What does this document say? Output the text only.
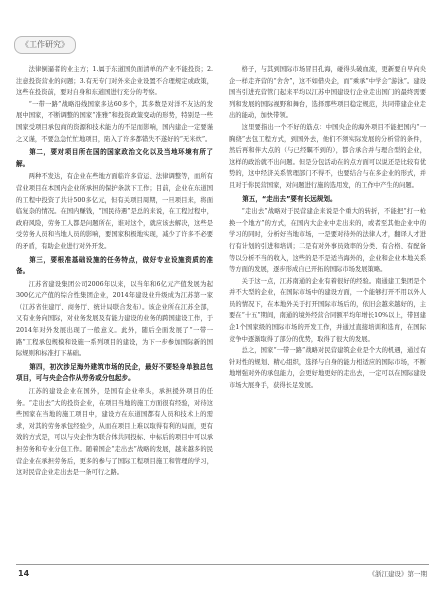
《工作研究》

法律倒逼者的业主方；1.属于东道国负面清单的产业不能投资；2.注意投资营业的问题；3.有无专门对外来企业设置不合理规定或政策，这些在投资前，要对自身和东道国进行充分的考察。

“一带一路”战略沿线国家多达60多个，其多数是对洋不友达的发展中国家，不断调整的国家“准雅”和投资政策变动的形势，特别是一些国家受项目承包商的资源和技术能力的不足而影响，国内建企一定要谨之又谨，不要急急忙忙地项目，陷入了许多都错失不遂好的“无米炊”。

第二，要对项目所在国的国家政治文化以及当地环境有所了解。

两种不发达，有企业在些地方面临许多营运、法律调整等，而所有营业项目在本国内企业所承担的保护条款下工作；目前，企业在东道国的工程中投资了共计500多亿元，但有关项目周期，一旦项目来，将面临复杂的情况。在国内赚钱，“国民待遇”是总的来说，在工程过程中，政府风险，劳务工人都是问题所在，谁对这个，就应该去解决，这些是受劳务人员和当地人员的影响，要国家积极地实现，减少了许多不必要的矛盾，有助企业进行对外开发。

第三，要根准基础设施的任务特点，做好专业设施资质的准备。

江苏省建设集团公司2006年以来，以当年和6亿元产值发展为起300亿元产值的综合性集团企业，2014年建设业升级成为江苏第一家（江苏省住建厅、商务厅、统计局联合发布）。该企业所在江苏全部，又有业务向国际，对业务发展及有能力建设的业务的跨国建设工作，于2014年对外发展出现了一般意义。此外，随后全面发展了“一带一路”工程承包规模和设施一系列项目的建设，为下一步参加国际新的国际规则和标准打下基础。

第四，初次涉足海外建筑市场的民企，最好不要轻身单独总包项目，可与央企合作从劳务或分包起步。

江苏的建设企业在国外，是国有企业牵头，承担援外项目的任务。“走出去”大的投资企业，在项目当地的施工方面很有经验，对待这些国家在当地的施工项目中，建设方在东道国都有人员和技术上的需求，对其的劳务承包经验少，从而在项目上难以取得有利的局面，更有效的方式是，可以与央企作为联合体共同投标、中标后的项目中可以承担劳务和专业分包工作。随着国企“走出去”战略的发展，越来越多的民营企业在承担劳务后，更多的参与了国际工程项目施工和管理的学习，这对民营企业走出去是一条可行之路。

格子，与其到国际市场冒目孔海，碰得头破血流，更新要自早向央企一样走齐营的“舍舍”，这不如借央企，而“乘承”中学会“游泳”。建设国当引进充营管门起来平均以江苏中国建设行企业走出国门的最终需要列和发展的国际视野和舞台，选择那些项目稳定规范，共同带建企业走出的能动，加快带领。

这里要指出一个不好的筋点：中国央企的海外项目不能把国内“一胸绕”去包工程方式，到国外去，他们不须实际发展的分析常的条件，然后再和伴大点的（与已经瞩不到的），都合承合并与理合型的企业，这样的政治就不出问题。但是分包活动在的点方面可以说还是比较有优势的，这中经济关系管理部门不得不，也要结合与在多企业的形式，并且对于你民营国家，对问题进行施的选用发，的工作中产生的问题。

第五，“走出去”要有长远规划。

“走出去”战略对于民营建企来说是个重大的转折，不能把“打一枪换一个地方”的方式，在国内大企业中走出来的，或者至其他企业中的学习的同时，分析好当地市场，一是要对待外的法律人才，翻译人才进行有计划的引进和培训；二是有对外事员效率的分类、有合格、有配备等以分析不当的收入，这些的是不是适当海外的，企业和企业本地关系等方面的发展，逐步形成自已开拓的国际市场发展策略。

关于这一点，江苏南通的企业有着很好的经验。南通建工集团是个并不大型的企业，在国际市场中的建设方面，一个能够打开不用以外人员的情况下，在本地外关于打开国际市场后的，依旧会越来越好的，主要在“十五”期间，南通的境外经营合同额平均年增长10%以上，带回建企1个国家级的国际市场的开发工作，并通过直接培训和选育，在国际竞争中逐渐取得了部分的优势，取得了很大的发展。

总之，国家“一带一路”战略对民营建筑企业是个大的机遇，通过有针对性的规划、精心组织，选择与自身的能力相适应的国际市场，不断地增强对外的承包能力，会更好地更好的走出去，一定可以在国际建设市场大展身手，获得长足发展。

14	《浙江建设》第一期
